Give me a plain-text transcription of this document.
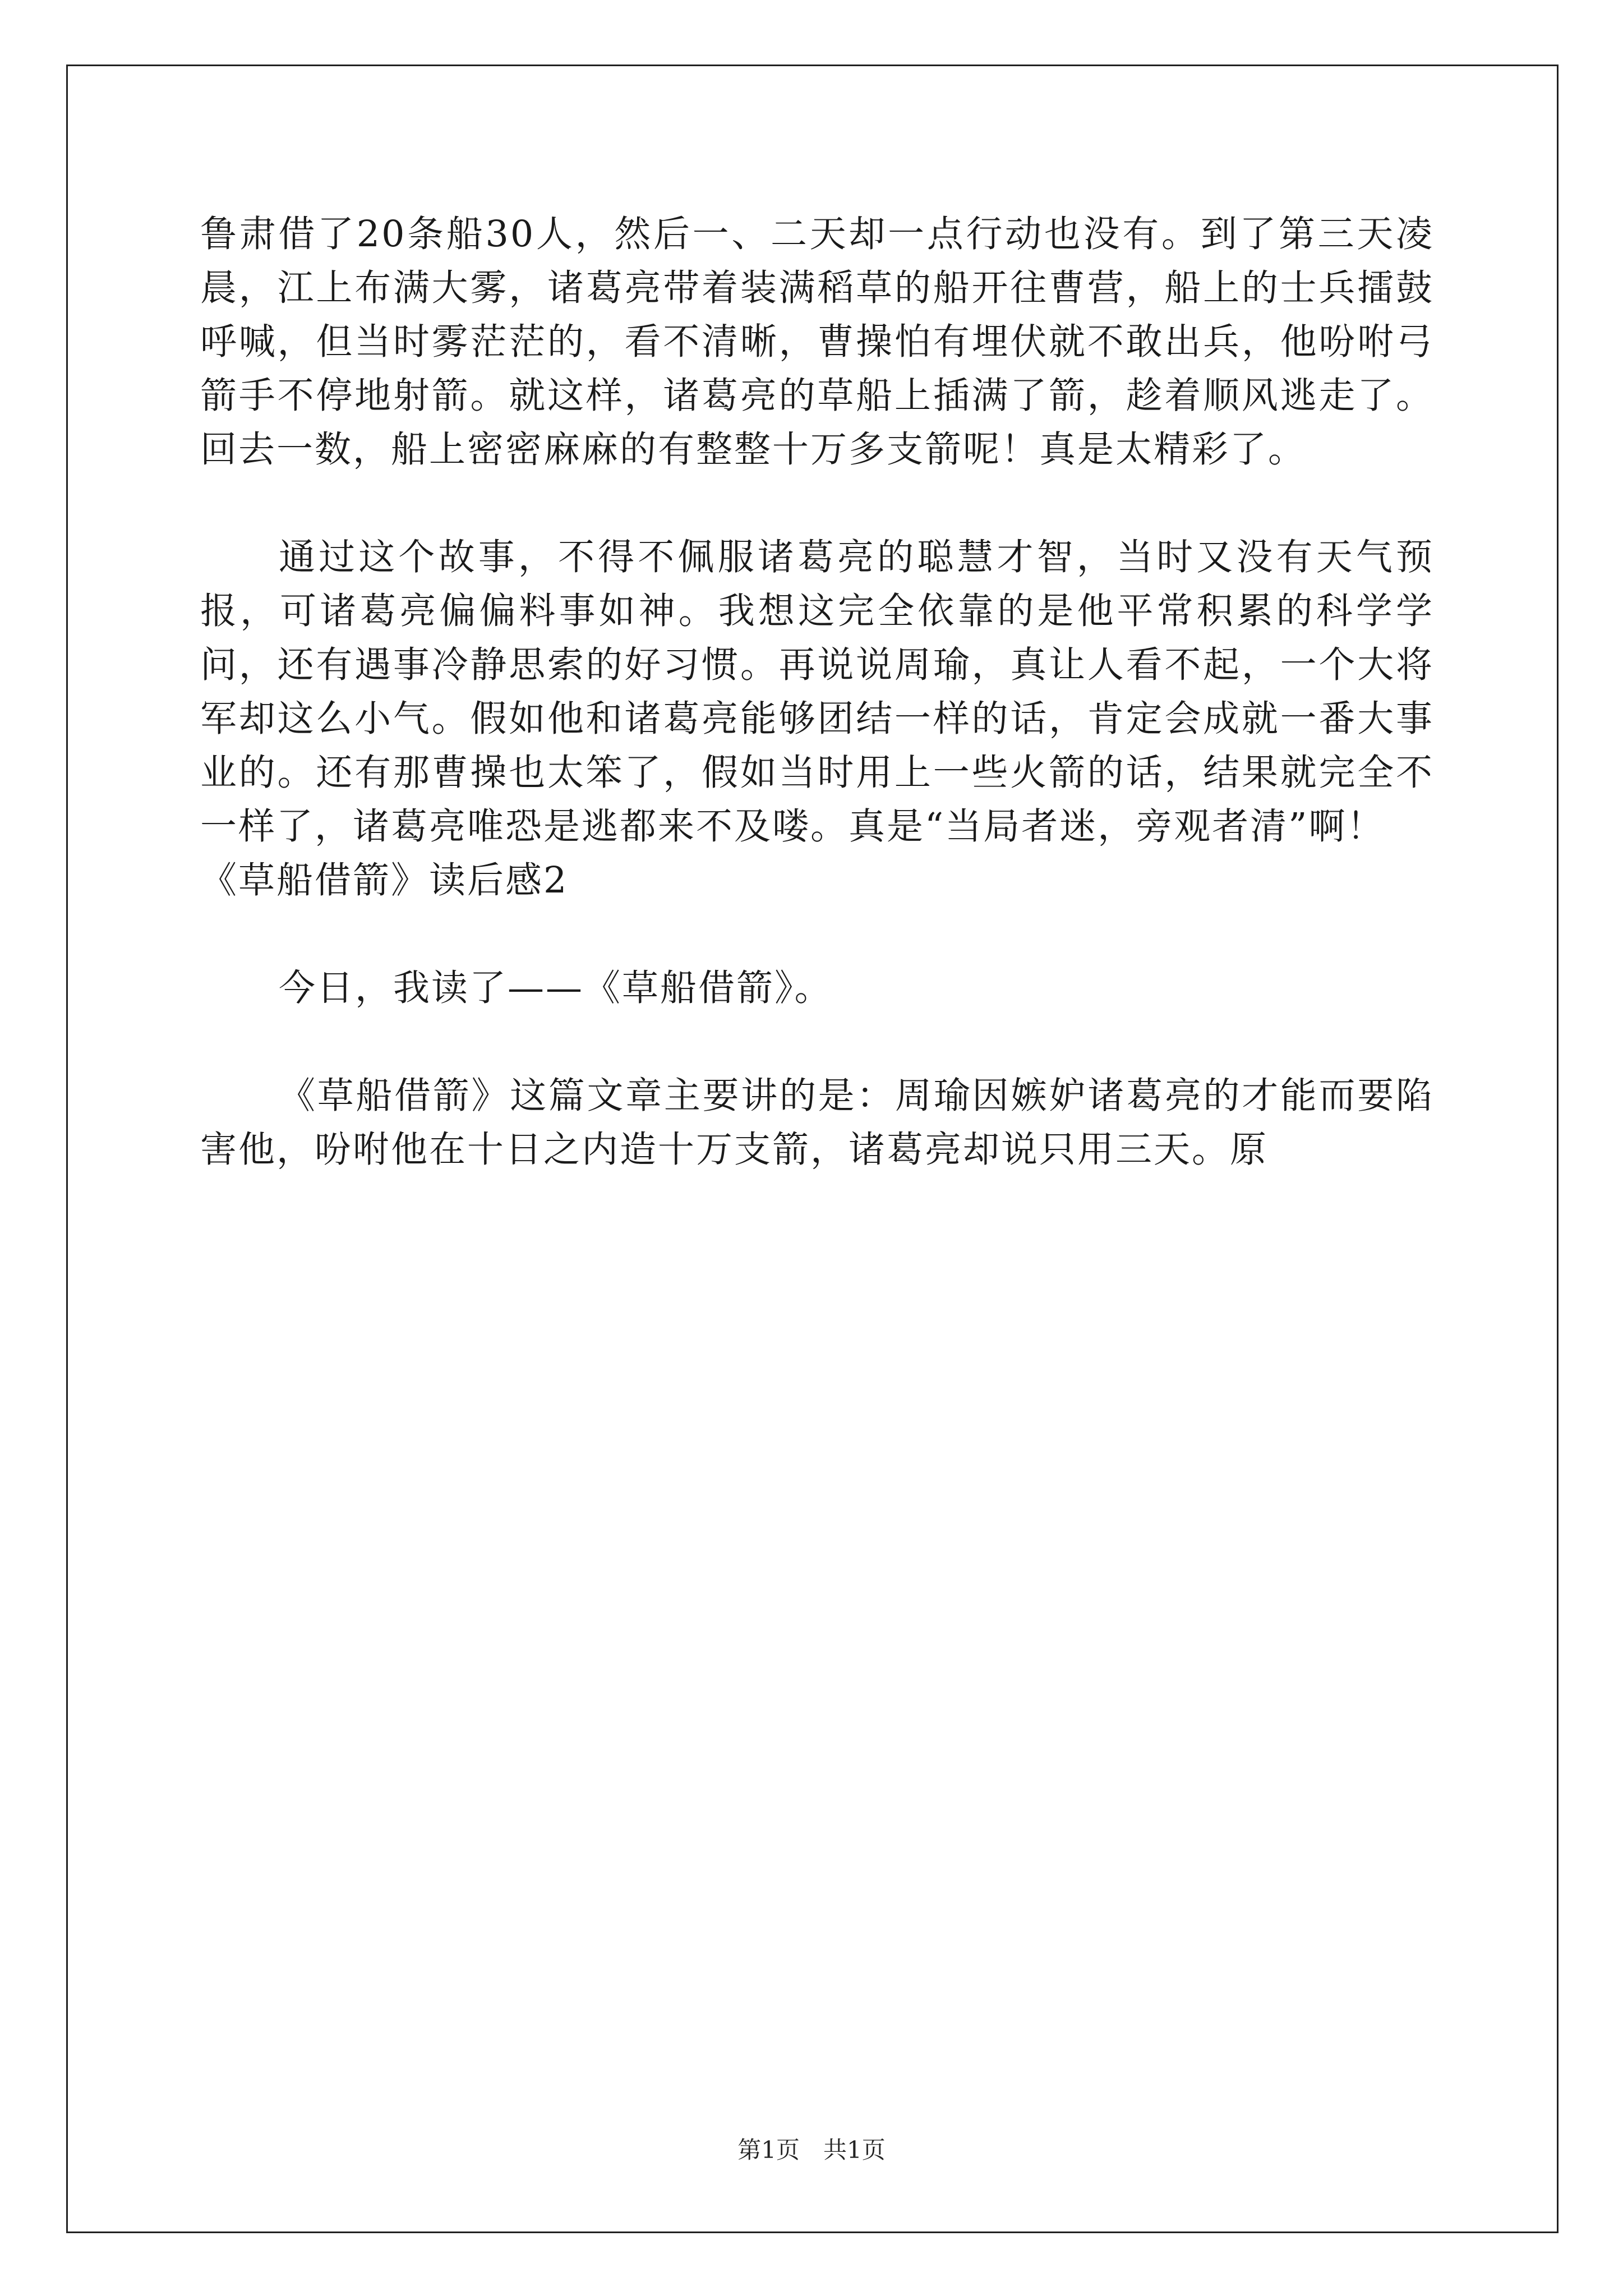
鲁肃借了20条船30人，然后一、二天却一点行动也没有。到了第三天凌晨，江上布满大雾，诸葛亮带着装满稻草的船开往曹营，船上的士兵擂鼓呼喊，但当时雾茫茫的，看不清晰，曹操怕有埋伏就不敢出兵，他吩咐弓箭手不停地射箭。就这样，诸葛亮的草船上插满了箭，趁着顺风逃走了。回去一数，船上密密麻麻的有整整十万多支箭呢！真是太精彩了。

通过这个故事，不得不佩服诸葛亮的聪慧才智，当时又没有天气预报，可诸葛亮偏偏料事如神。我想这完全依靠的是他平常积累的科学学问，还有遇事冷静思索的好习惯。再说说周瑜，真让人看不起，一个大将军却这么小气。假如他和诸葛亮能够团结一样的话，肯定会成就一番大事业的。还有那曹操也太笨了，假如当时用上一些火箭的话，结果就完全不一样了，诸葛亮唯恐是逃都来不及喽。真是“当局者迷，旁观者清”啊！

《草船借箭》读后感2

今日，我读了——《草船借箭》。

《草船借箭》这篇文章主要讲的是：周瑜因嫉妒诸葛亮的才能而要陷害他，吩咐他在十日之内造十万支箭，诸葛亮却说只用三天。原

第1页　共1页
